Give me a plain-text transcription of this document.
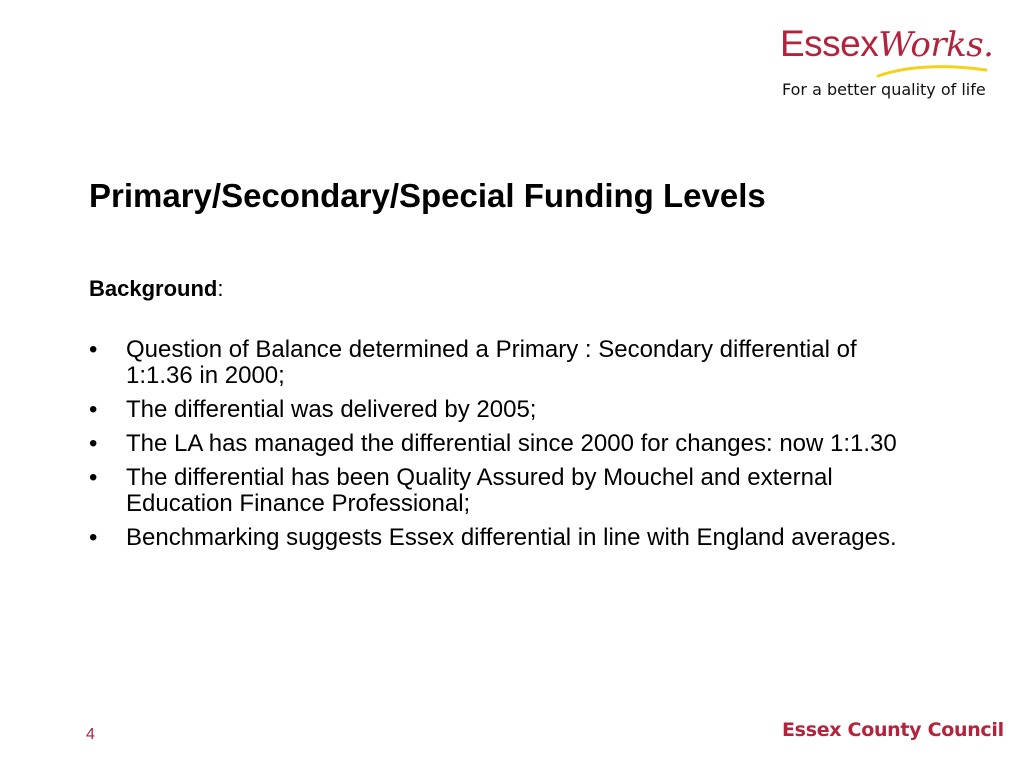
EssexWorks.
For a better quality of life
Primary/Secondary/Special Funding Levels

Background:

•	Question of Balance determined a Primary : Secondary differential of 1:1.36 in 2000;
•	The differential was delivered by 2005;
•	The LA has managed the differential since 2000 for changes: now 1:1.30
•	The differential has been Quality Assured by Mouchel and external Education Finance Professional;
•	Benchmarking suggests Essex differential in line with England averages.
4	Essex County Council
